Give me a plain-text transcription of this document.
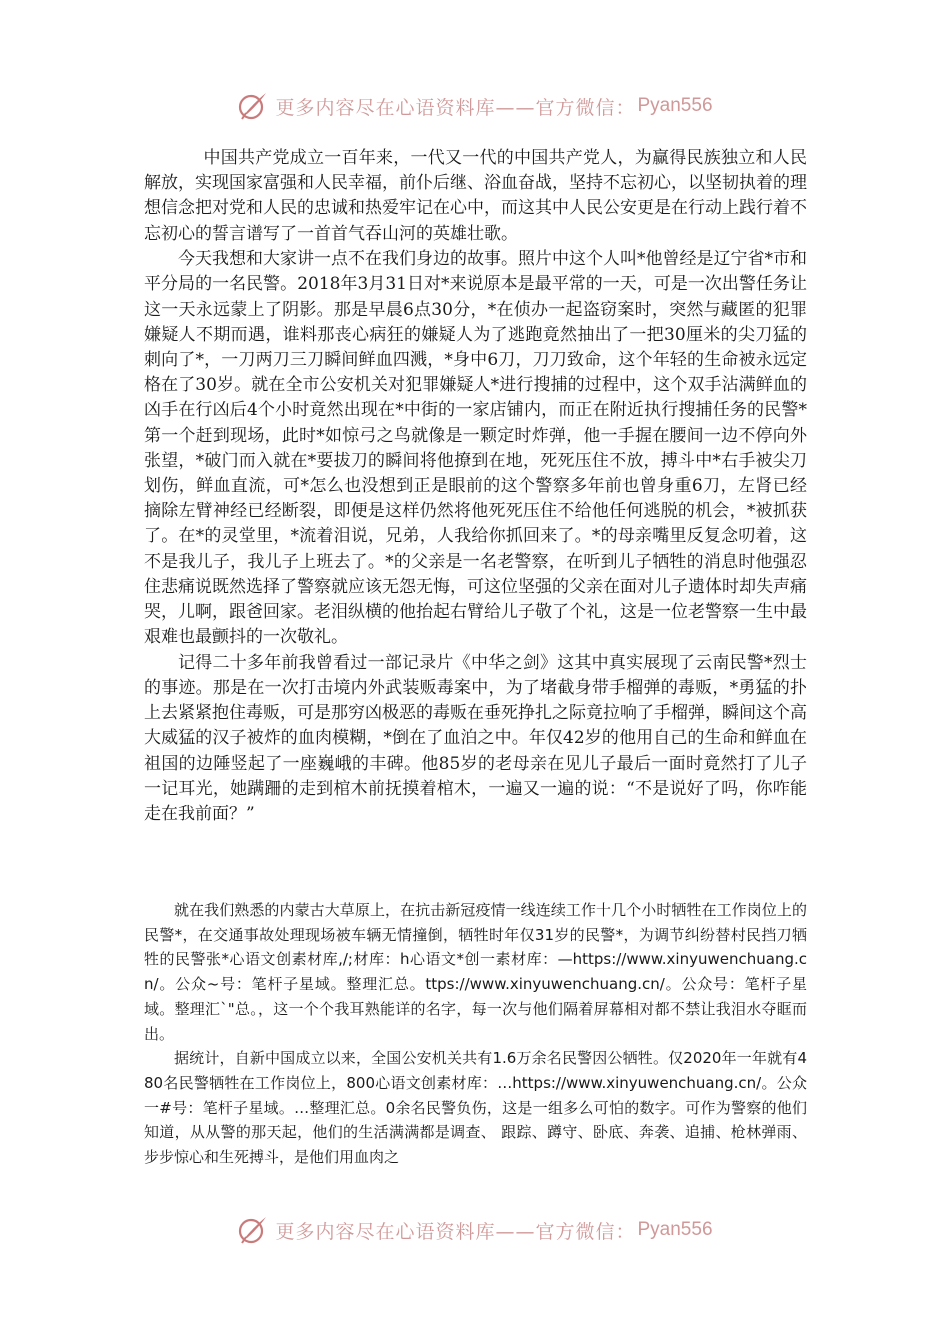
更多内容尽在心语资料库——官方微信： Pyan556

中国共产党成立一百年来，一代又一代的中国共产党人，为赢得民族独立和人民解放，实现国家富强和人民幸福，前仆后继、浴血奋战，坚持不忘初心，以坚韧执着的理想信念把对党和人民的忠诚和热爱牢记在心中，而这其中人民公安更是在行动上践行着不忘初心的誓言谱写了一首首气吞山河的英雄壮歌。

今天我想和大家讲一点不在我们身边的故事。照片中这个人叫*他曾经是辽宁省*市和平分局的一名民警。2018年3月31日对*来说原本是最平常的一天，可是一次出警任务让这一天永远蒙上了阴影。那是早晨6点30分，*在侦办一起盗窃案时，突然与藏匿的犯罪嫌疑人不期而遇，谁料那丧心病狂的嫌疑人为了逃跑竟然抽出了一把30厘米的尖刀猛的刺向了*，一刀两刀三刀瞬间鲜血四溅，*身中6刀，刀刀致命，这个年轻的生命被永远定格在了30岁。就在全市公安机关对犯罪嫌疑人*进行搜捕的过程中，这个双手沾满鲜血的凶手在行凶后4个小时竟然出现在*中街的一家店铺内，而正在附近执行搜捕任务的民警*第一个赶到现场，此时*如惊弓之鸟就像是一颗定时炸弹，他一手握在腰间一边不停向外张望，*破门而入就在*要拔刀的瞬间将他撩到在地，死死压住不放，搏斗中*右手被尖刀划伤，鲜血直流，可*怎么也没想到正是眼前的这个警察多年前也曾身重6刀，左肾已经摘除左臂神经已经断裂，即便是这样仍然将他死死压住不给他任何逃脱的机会，*被抓获了。在*的灵堂里，*流着泪说，兄弟，人我给你抓回来了。*的母亲嘴里反复念叨着，这不是我儿子，我儿子上班去了。*的父亲是一名老警察，在听到儿子牺牲的消息时他强忍住悲痛说既然选择了警察就应该无怨无悔，可这位坚强的父亲在面对儿子遗体时却失声痛哭，儿啊，跟爸回家。老泪纵横的他抬起右臂给儿子敬了个礼，这是一位老警察一生中最艰难也最颤抖的一次敬礼。

记得二十多年前我曾看过一部记录片《中华之剑》这其中真实展现了云南民警*烈士的事迹。那是在一次打击境内外武装贩毒案中，为了堵截身带手榴弹的毒贩，*勇猛的扑上去紧紧抱住毒贩，可是那穷凶极恶的毒贩在垂死挣扎之际竟拉响了手榴弹，瞬间这个高大威猛的汉子被炸的血肉模糊，*倒在了血泊之中。年仅42岁的他用自己的生命和鲜血在祖国的边陲竖起了一座巍峨的丰碑。他85岁的老母亲在见儿子最后一面时竟然打了儿子一记耳光，她蹒跚的走到棺木前抚摸着棺木，一遍又一遍的说：“不是说好了吗，你咋能走在我前面？”

就在我们熟悉的内蒙古大草原上，在抗击新冠疫情一线连续工作十几个小时牺牲在工作岗位上的民警*，在交通事故处理现场被车辆无情撞倒，牺牲时年仅31岁的民警*，为调节纠纷替村民挡刀牺牲的民警张*心语文创素材库,/;材库：h心语文*创一素材库：—https://www.xinyuwenchuang.cn/。公众~号：笔杆子星域。整理汇总。ttps://www.xinyuwenchuang.cn/。公众号：笔杆子星域。整理汇`"总。，这一个个我耳熟能详的名字，每一次与他们隔着屏幕相对都不禁让我泪水夺眶而出。

据统计，自新中国成立以来，全国公安机关共有1.6万余名民警因公牺牲。仅2020年一年就有480名民警牺牲在工作岗位上，800心语文创素材库：…https://www.xinyuwenchuang.cn/。公众一#号：笔杆子星域。…整理汇总。0余名民警负伤，这是一组多么可怕的数字。可作为警察的他们知道，从从警的那天起，他们的生活满满都是调查、 跟踪、蹲守、卧底、奔袭、追捕、枪林弹雨、步步惊心和生死搏斗，是他们用血肉之

更多内容尽在心语资料库——官方微信： Pyan556
